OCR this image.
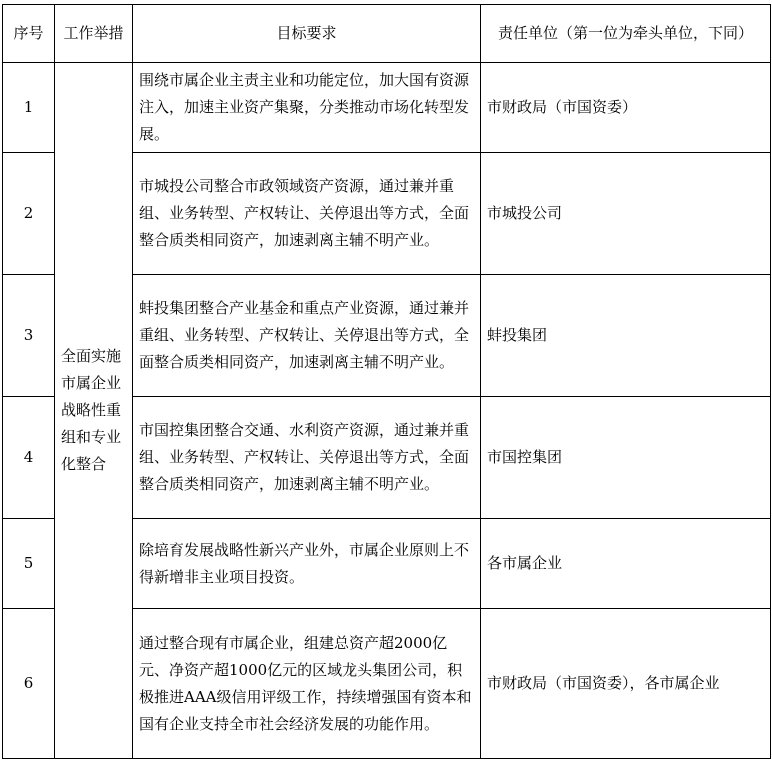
序号	工作举措	目标要求	责任单位（第一位为牵头单位，下同）
1	全面实施市属企业战略性重组和专业化整合	围绕市属企业主责主业和功能定位，加大国有资源注入，加速主业资产集聚，分类推动市场化转型发展。	市财政局（市国资委）
2		市城投公司整合市政领域资产资源，通过兼并重组、业务转型、产权转让、关停退出等方式，全面整合质类相同资产，加速剥离主辅不明产业。	市城投公司
3		蚌投集团整合产业基金和重点产业资源，通过兼并重组、业务转型、产权转让、关停退出等方式，全面整合质类相同资产，加速剥离主辅不明产业。	蚌投集团
4		市国控集团整合交通、水利资产资源，通过兼并重组、业务转型、产权转让、关停退出等方式，全面整合质类相同资产，加速剥离主辅不明产业。	市国控集团
5		除培育发展战略性新兴产业外，市属企业原则上不得新增非主业项目投资。	各市属企业
6		通过整合现有市属企业，组建总资产超2000亿元、净资产超1000亿元的区域龙头集团公司，积极推进AAA级信用评级工作，持续增强国有资本和国有企业支持全市社会经济发展的功能作用。	市财政局（市国资委），各市属企业
